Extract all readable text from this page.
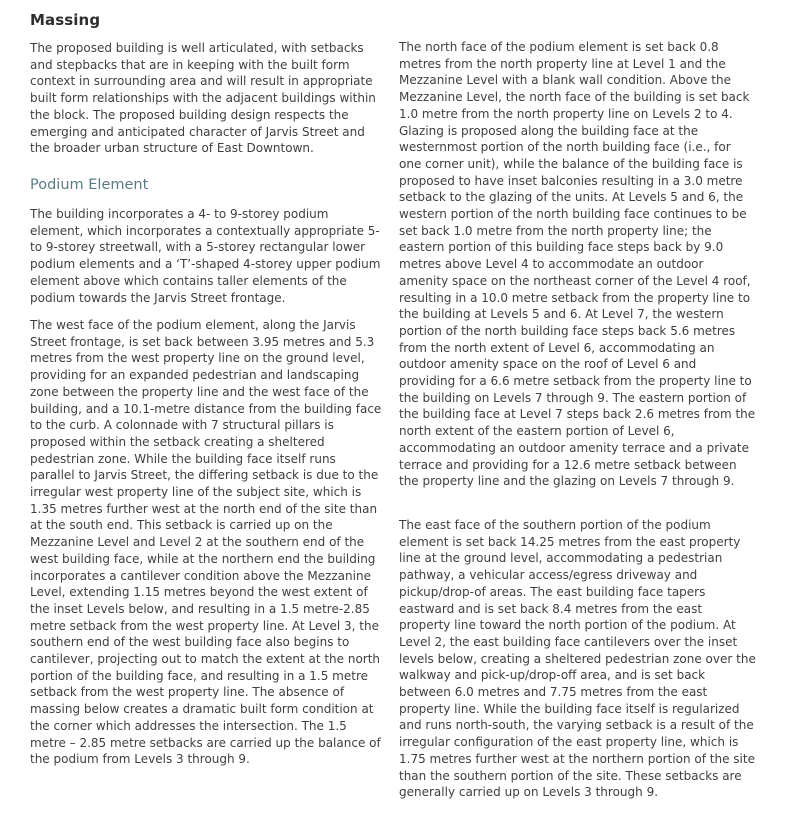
Massing

The proposed building is well articulated, with setbacks and stepbacks that are in keeping with the built form context in surrounding area and will result in appropriate built form relationships with the adjacent buildings within the block. The proposed building design respects the emerging and anticipated character of Jarvis Street and the broader urban structure of East Downtown.

Podium Element

The building incorporates a 4- to 9-storey podium element, which incorporates a contextually appropriate 5- to 9-storey streetwall, with a 5-storey rectangular lower podium elements and a ‘T’-shaped 4-storey upper podium element above which contains taller elements of the podium towards the Jarvis Street frontage.

The west face of the podium element, along the Jarvis Street frontage, is set back between 3.95 metres and 5.3 metres from the west property line on the ground level, providing for an expanded pedestrian and landscaping zone between the property line and the west face of the building, and a 10.1-metre distance from the building face to the curb. A colonnade with 7 structural pillars is proposed within the setback creating a sheltered pedestrian zone. While the building face itself runs parallel to Jarvis Street, the differing setback is due to the irregular west property line of the subject site, which is 1.35 metres further west at the north end of the site than at the south end. This setback is carried up on the Mezzanine Level and Level 2 at the southern end of the west building face, while at the northern end the building incorporates a cantilever condition above the Mezzanine Level, extending 1.15 metres beyond the west extent of the inset Levels below, and resulting in a 1.5 metre-2.85 metre setback from the west property line. At Level 3, the southern end of the west building face also begins to cantilever, projecting out to match the extent at the north portion of the building face, and resulting in a 1.5 metre setback from the west property line. The absence of massing below creates a dramatic built form condition at the corner which addresses the intersection. The 1.5 metre – 2.85 metre setbacks are carried up the balance of the podium from Levels 3 through 9.

The north face of the podium element is set back 0.8 metres from the north property line at Level 1 and the Mezzanine Level with a blank wall condition. Above the Mezzanine Level, the north face of the building is set back 1.0 metre from the north property line on Levels 2 to 4. Glazing is proposed along the building face at the westernmost portion of the north building face (i.e., for one corner unit), while the balance of the building face is proposed to have inset balconies resulting in a 3.0 metre setback to the glazing of the units. At Levels 5 and 6, the western portion of the north building face continues to be set back 1.0 metre from the north property line; the eastern portion of this building face steps back by 9.0 metres above Level 4 to accommodate an outdoor amenity space on the northeast corner of the Level 4 roof, resulting in a 10.0 metre setback from the property line to the building at Levels 5 and 6. At Level 7, the western portion of the north building face steps back 5.6 metres from the north extent of Level 6, accommodating an outdoor amenity space on the roof of Level 6 and providing for a 6.6 metre setback from the property line to the building on Levels 7 through 9. The eastern portion of the building face at Level 7 steps back 2.6 metres from the north extent of the eastern portion of Level 6, accommodating an outdoor amenity terrace and a private terrace and providing for a 12.6 metre setback between the property line and the glazing on Levels 7 through 9.

The east face of the southern portion of the podium element is set back 14.25 metres from the east property line at the ground level, accommodating a pedestrian pathway, a vehicular access/egress driveway and pickup/drop-of areas. The east building face tapers eastward and is set back 8.4 metres from the east property line toward the north portion of the podium. At Level 2, the east building face cantilevers over the inset levels below, creating a sheltered pedestrian zone over the walkway and pick-up/drop-off area, and is set back between 6.0 metres and 7.75 metres from the east property line. While the building face itself is regularized and runs north-south, the varying setback is a result of the irregular configuration of the east property line, which is 1.75 metres further west at the northern portion of the site than the southern portion of the site. These setbacks are generally carried up on Levels 3 through 9.
